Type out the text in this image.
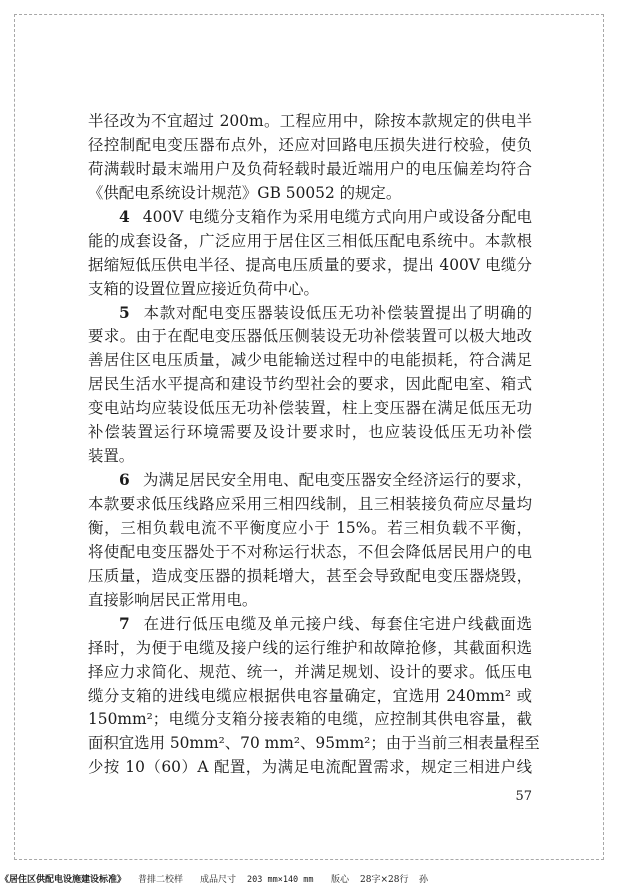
半径改为不宜超过 200m。工程应用中，除按本款规定的供电半
径控制配电变压器布点外，还应对回路电压损失进行校验，使负
荷满载时最末端用户及负荷轻载时最近端用户的电压偏差均符合
《供配电系统设计规范》GB 50052 的规定。
4 400V 电缆分支箱作为采用电缆方式向用户或设备分配电
能的成套设备，广泛应用于居住区三相低压配电系统中。本款根
据缩短低压供电半径、提高电压质量的要求，提出 400V 电缆分
支箱的设置位置应接近负荷中心。
5 本款对配电变压器装设低压无功补偿装置提出了明确的
要求。由于在配电变压器低压侧装设无功补偿装置可以极大地改
善居住区电压质量，减少电能输送过程中的电能损耗，符合满足
居民生活水平提高和建设节约型社会的要求，因此配电室、箱式
变电站均应装设低压无功补偿装置，柱上变压器在满足低压无功
补偿装置运行环境需要及设计要求时，也应装设低压无功补偿
装置。
6 为满足居民安全用电、配电变压器安全经济运行的要求，
本款要求低压线路应采用三相四线制，且三相装接负荷应尽量均
衡，三相负载电流不平衡度应小于 15%。若三相负载不平衡，
将使配电变压器处于不对称运行状态，不但会降低居民用户的电
压质量，造成变压器的损耗增大，甚至会导致配电变压器烧毁，
直接影响居民正常用电。
7 在进行低压电缆及单元接户线、每套住宅进户线截面选
择时，为便于电缆及接户线的运行维护和故障抢修，其截面积选
择应力求简化、规范、统一，并满足规划、设计的要求。低压电
缆分支箱的进线电缆应根据供电容量确定，宜选用 240mm² 或
150mm²；电缆分支箱分接表箱的电缆，应控制其供电容量，截
面积宜选用 50mm²、70 mm²、95mm²；由于当前三相表量程至
少按 10（60）A 配置，为满足电流配置需求，规定三相进户线
57
《居住区供配电设施建设标准》 普排二校样 成品尺寸 203 mm×140 mm 版心 28字×28行 孙
